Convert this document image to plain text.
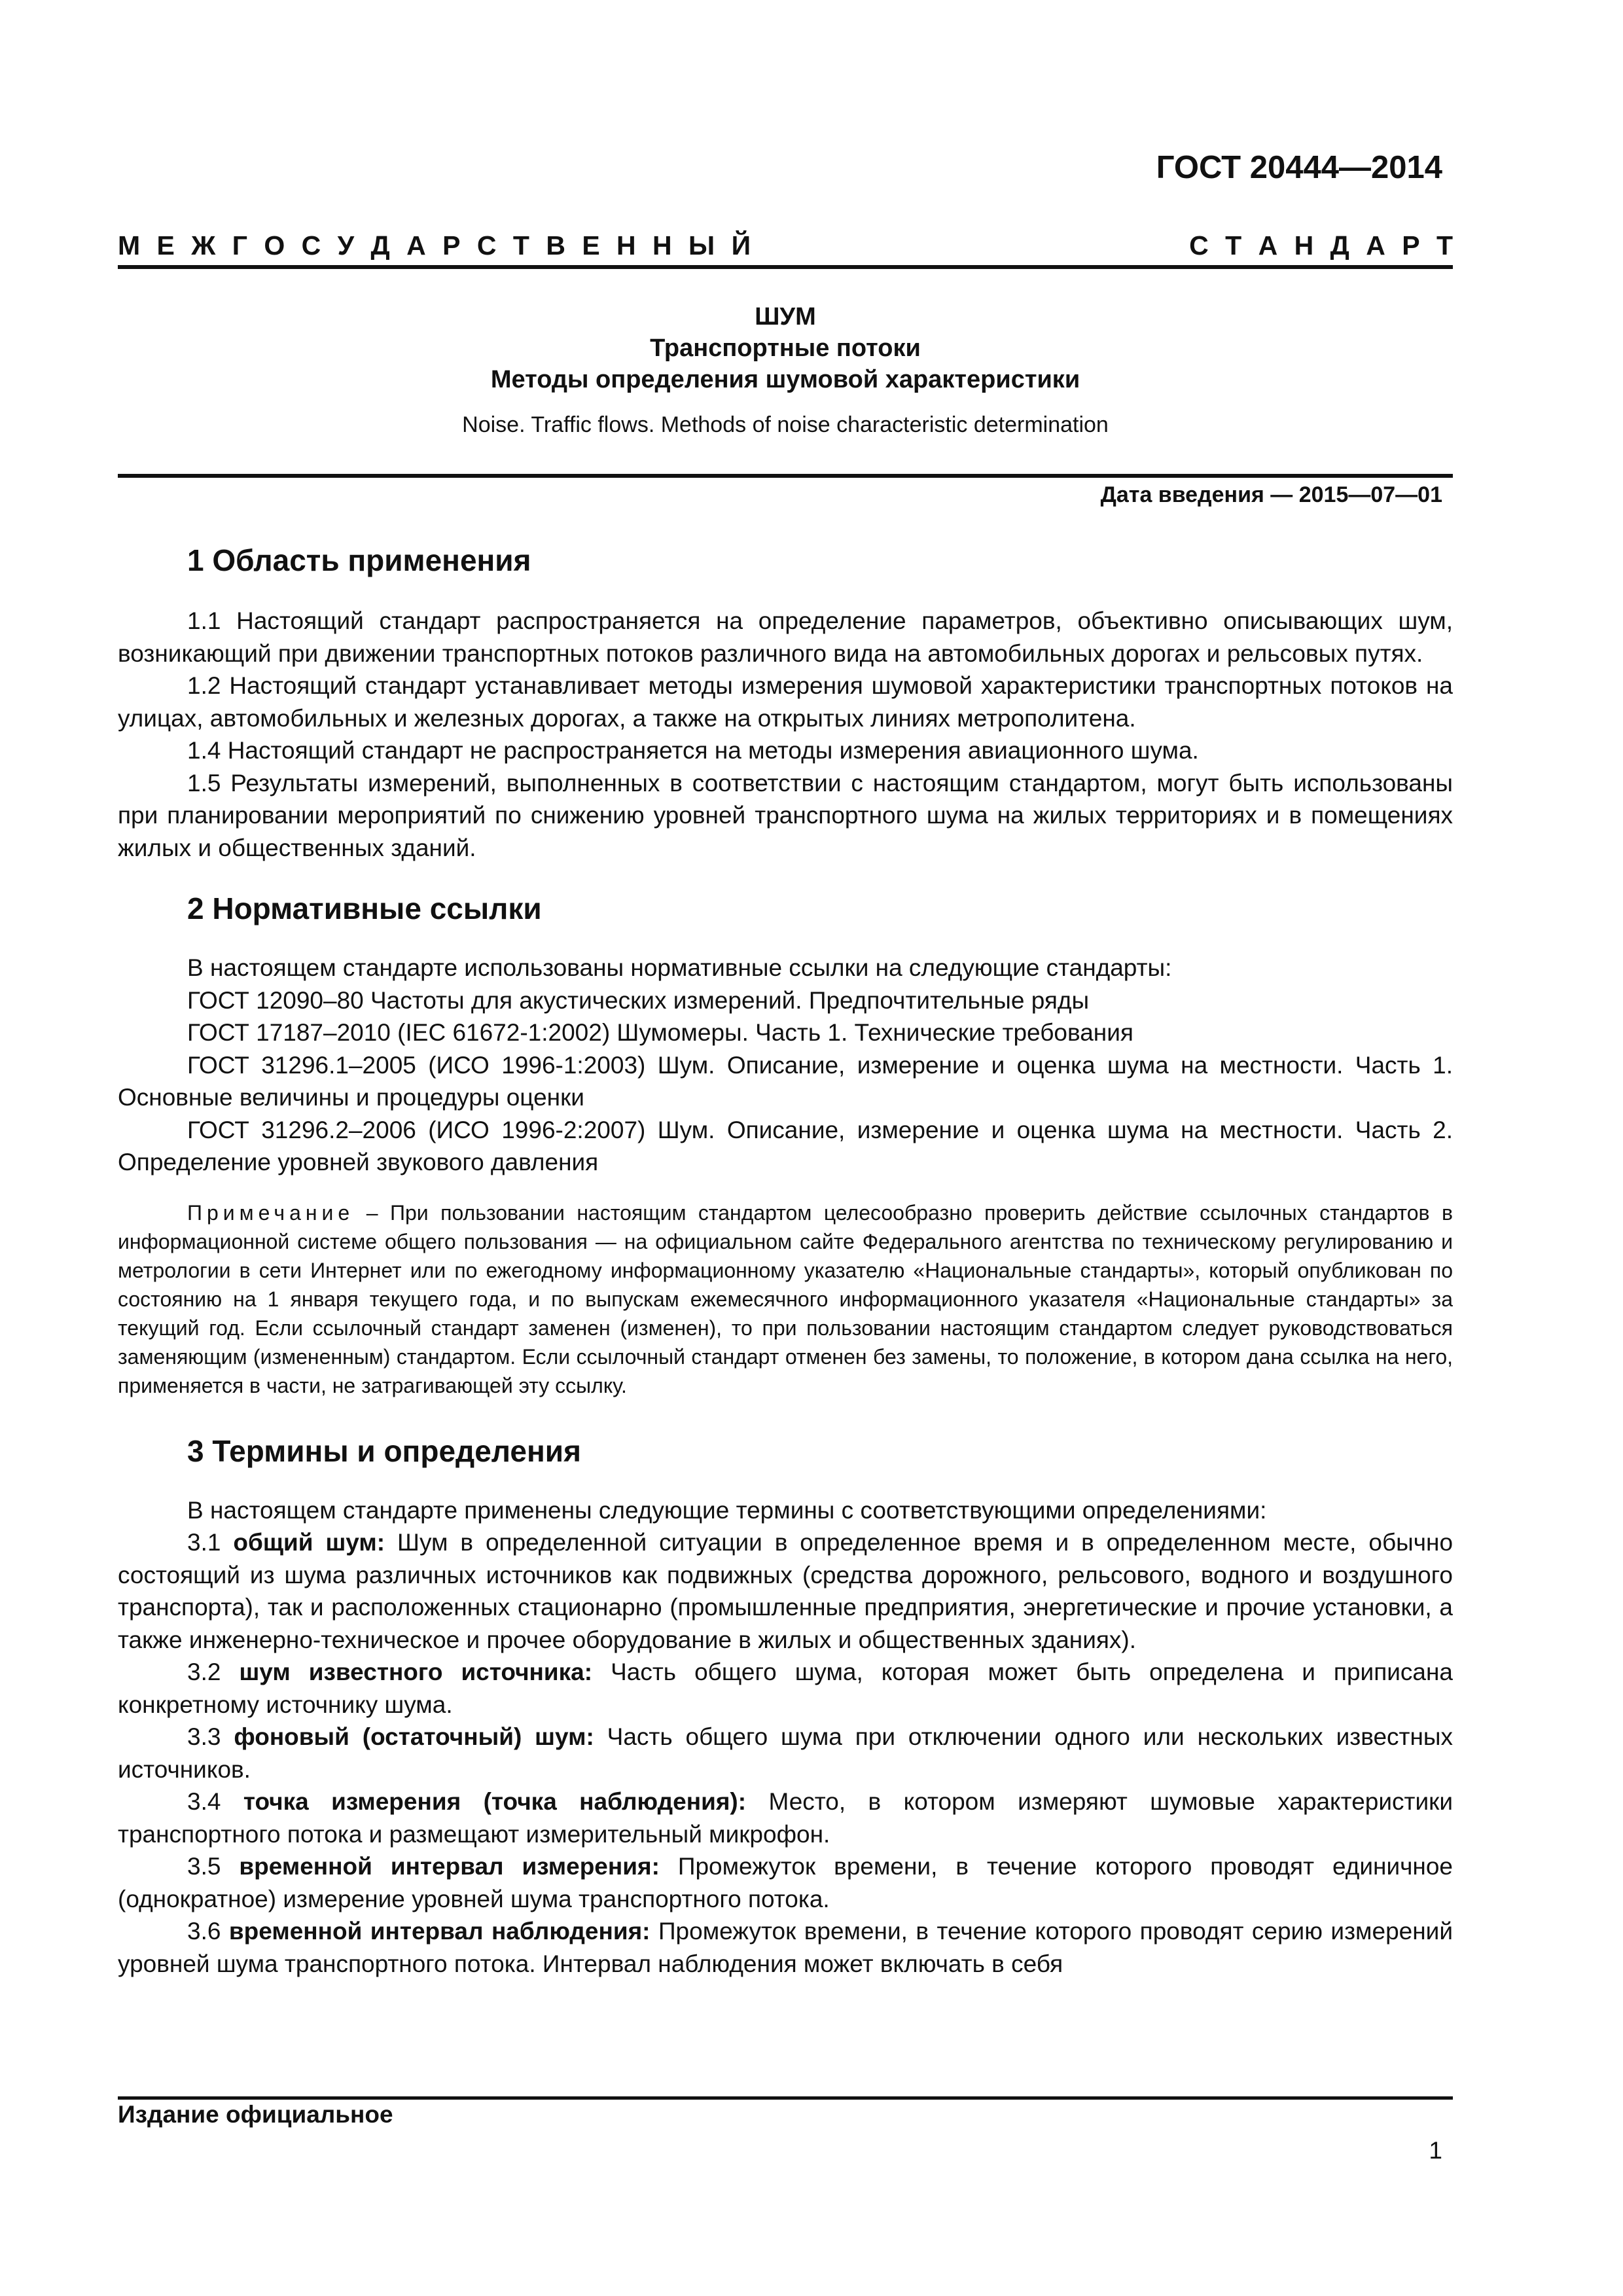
ГОСТ 20444—2014
М Е Ж Г О С У Д А Р С Т В Е Н Н Ы Й	С Т А Н Д А Р Т
ШУМ
Транспортные потоки
Методы определения шумовой характеристики
Noise. Traffic flows. Methods of noise characteristic determination
Дата введения — 2015—07—01
1 Область применения

1.1 Настоящий стандарт распространяется на определение параметров, объективно описывающих шум, возникающий при движении транспортных потоков различного вида на автомобильных дорогах и рельсовых путях.

1.2 Настоящий стандарт устанавливает методы измерения шумовой характеристики транспортных потоков на улицах, автомобильных и железных дорогах, а также на открытых линиях метрополитена.

1.4 Настоящий стандарт не распространяется на методы измерения авиационного шума.

1.5 Результаты измерений, выполненных в соответствии с настоящим стандартом, могут быть использованы при планировании мероприятий по снижению уровней транспортного шума на жилых территориях и в помещениях жилых и общественных зданий.

2 Нормативные ссылки

В настоящем стандарте использованы нормативные ссылки на следующие стандарты:

ГОСТ 12090–80 Частоты для акустических измерений. Предпочтительные ряды

ГОСТ 17187–2010 (IEC 61672-1:2002) Шумомеры. Часть 1. Технические требования

ГОСТ 31296.1–2005 (ИСО 1996-1:2003) Шум. Описание, измерение и оценка шума на местности. Часть 1. Основные величины и процедуры оценки

ГОСТ 31296.2–2006 (ИСО 1996-2:2007) Шум. Описание, измерение и оценка шума на местности. Часть 2. Определение уровней звукового давления

Примечание – При пользовании настоящим стандартом целесообразно проверить действие ссылочных стандартов в информационной системе общего пользования — на официальном сайте Федерального агентства по техническому регулированию и метрологии в сети Интернет или по ежегодному информационному указателю «Национальные стандарты», который опубликован по состоянию на 1 января текущего года, и по выпускам ежемесячного информационного указателя «Национальные стандарты» за текущий год. Если ссылочный стандарт заменен (изменен), то при пользовании настоящим стандартом следует руководствоваться заменяющим (измененным) стандартом. Если ссылочный стандарт отменен без замены, то положение, в котором дана ссылка на него, применяется в части, не затрагивающей эту ссылку.

3 Термины и определения

В настоящем стандарте применены следующие термины с соответствующими определениями:

3.1 общий шум: Шум в определенной ситуации в определенное время и в определенном месте, обычно состоящий из шума различных источников как подвижных (средства дорожного, рельсового, водного и воздушного транспорта), так и расположенных стационарно (промышленные предприятия, энергетические и прочие установки, а также инженерно-техническое и прочее оборудование в жилых и общественных зданиях).

3.2 шум известного источника: Часть общего шума, которая может быть определена и приписана конкретному источнику шума.

3.3 фоновый (остаточный) шум: Часть общего шума при отключении одного или нескольких известных источников.

3.4 точка измерения (точка наблюдения): Место, в котором измеряют шумовые характеристики транспортного потока и размещают измерительный микрофон.

3.5 временной интервал измерения: Промежуток времени, в течение которого проводят единичное (однократное) измерение уровней шума транспортного потока.

3.6 временной интервал наблюдения: Промежуток времени, в течение которого проводят серию измерений уровней шума транспортного потока. Интервал наблюдения может включать в себя

Издание официальное
1
